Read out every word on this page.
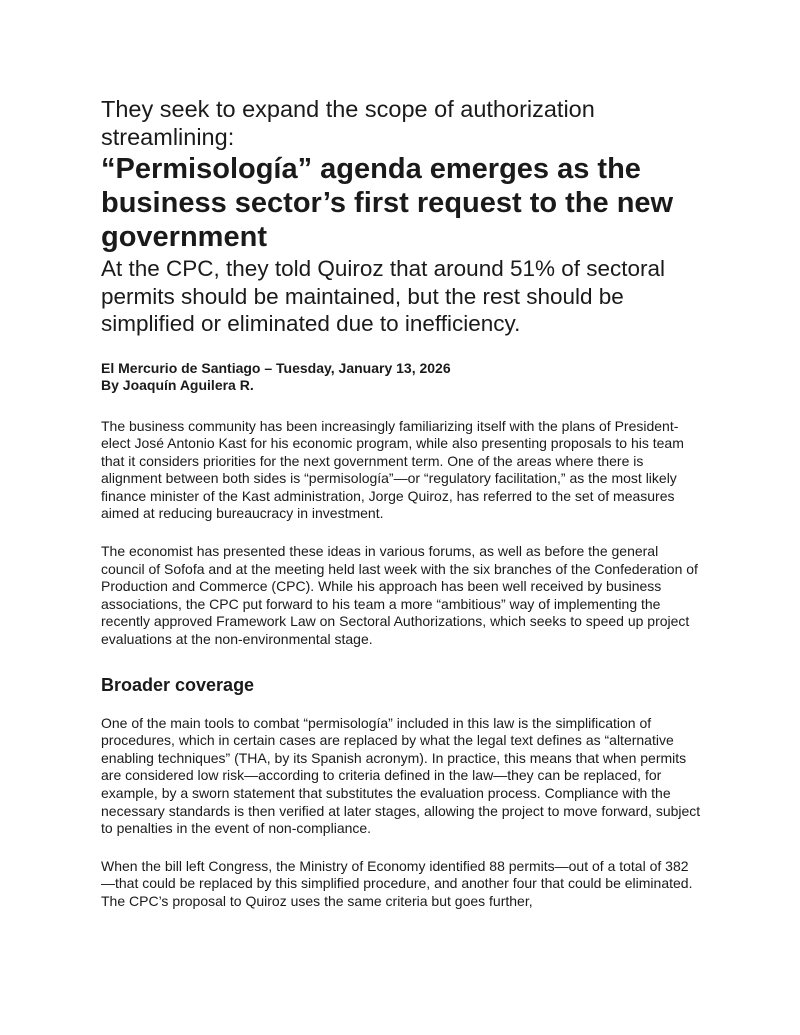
They seek to expand the scope of authorization streamlining:
“Permisología” agenda emerges as the business sector’s first request to the new government
At the CPC, they told Quiroz that around 51% of sectoral permits should be maintained, but the rest should be simplified or eliminated due to inefficiency.
El Mercurio de Santiago – Tuesday, January 13, 2026
By Joaquín Aguilera R.

The business community has been increasingly familiarizing itself with the plans of President-elect José Antonio Kast for his economic program, while also presenting proposals to his team that it considers priorities for the next government term. One of the areas where there is alignment between both sides is “permisología”—or “regulatory facilitation,” as the most likely finance minister of the Kast administration, Jorge Quiroz, has referred to the set of measures aimed at reducing bureaucracy in investment.

The economist has presented these ideas in various forums, as well as before the general council of Sofofa and at the meeting held last week with the six branches of the Confederation of Production and Commerce (CPC). While his approach has been well received by business associations, the CPC put forward to his team a more “ambitious” way of implementing the recently approved Framework Law on Sectoral Authorizations, which seeks to speed up project evaluations at the non-environmental stage.

Broader coverage

One of the main tools to combat “permisología” included in this law is the simplification of procedures, which in certain cases are replaced by what the legal text defines as “alternative enabling techniques” (THA, by its Spanish acronym). In practice, this means that when permits are considered low risk—according to criteria defined in the law—they can be replaced, for example, by a sworn statement that substitutes the evaluation process. Compliance with the necessary standards is then verified at later stages, allowing the project to move forward, subject to penalties in the event of non-compliance.

When the bill left Congress, the Ministry of Economy identified 88 permits—out of a total of 382—that could be replaced by this simplified procedure, and another four that could be eliminated. The CPC’s proposal to Quiroz uses the same criteria but goes further,
